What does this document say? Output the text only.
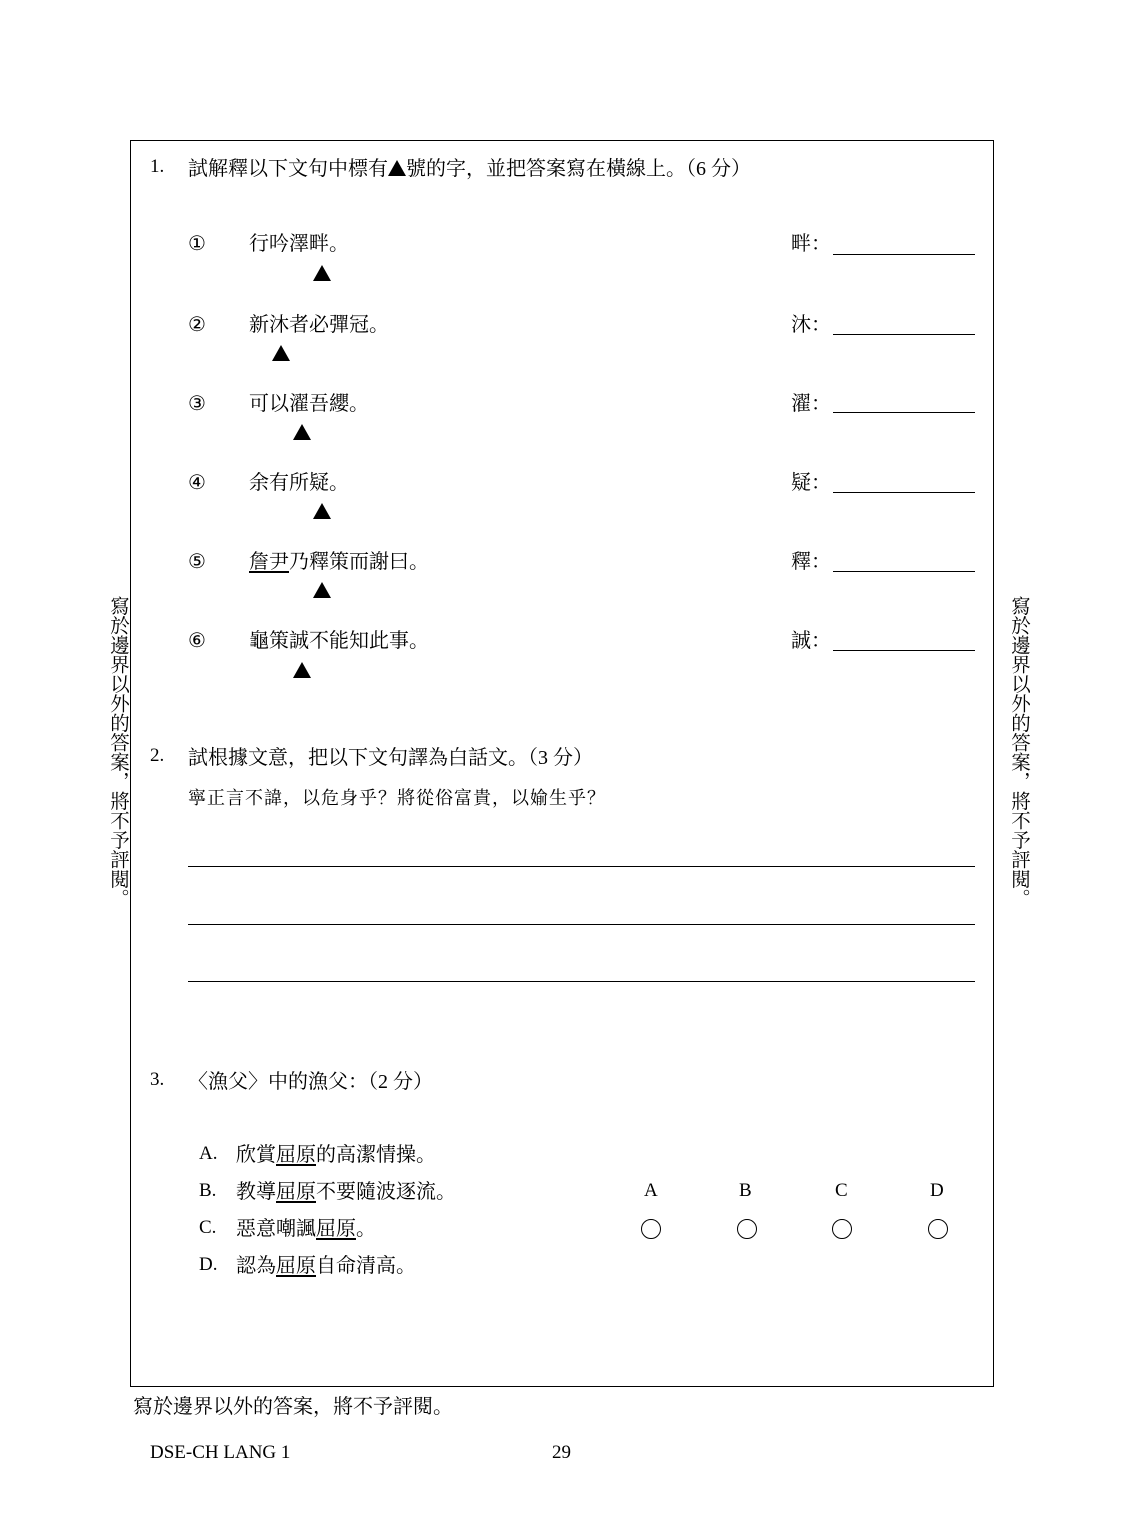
寫於邊界以外的答案，將不予評閱。	寫於邊界以外的答案，將不予評閱。
1. 試解釋以下文句中標有 號的字，並把答案寫在橫線上。（6 分）
① 行吟澤畔。	畔：
② 新沐者必彈冠。	沐：
③ 可以濯吾纓。	濯：
④ 余有所疑。	疑：
⑤ 詹尹乃釋策而謝曰。	釋：
⑥ 龜策誠不能知此事。	誠：
2. 試根據文意，把以下文句譯為白話文。（3 分）
寧正言不諱，以危身乎？將從俗富貴，以媮生乎？
3. 〈漁父〉中的漁父：（2 分）
A. 欣賞屈原的高潔情操。
B. 教導屈原不要隨波逐流。
C. 惡意嘲諷屈原。
D. 認為屈原自命清高。
A	B	C	D
寫於邊界以外的答案，將不予評閱。
DSE-CH LANG 1	29
